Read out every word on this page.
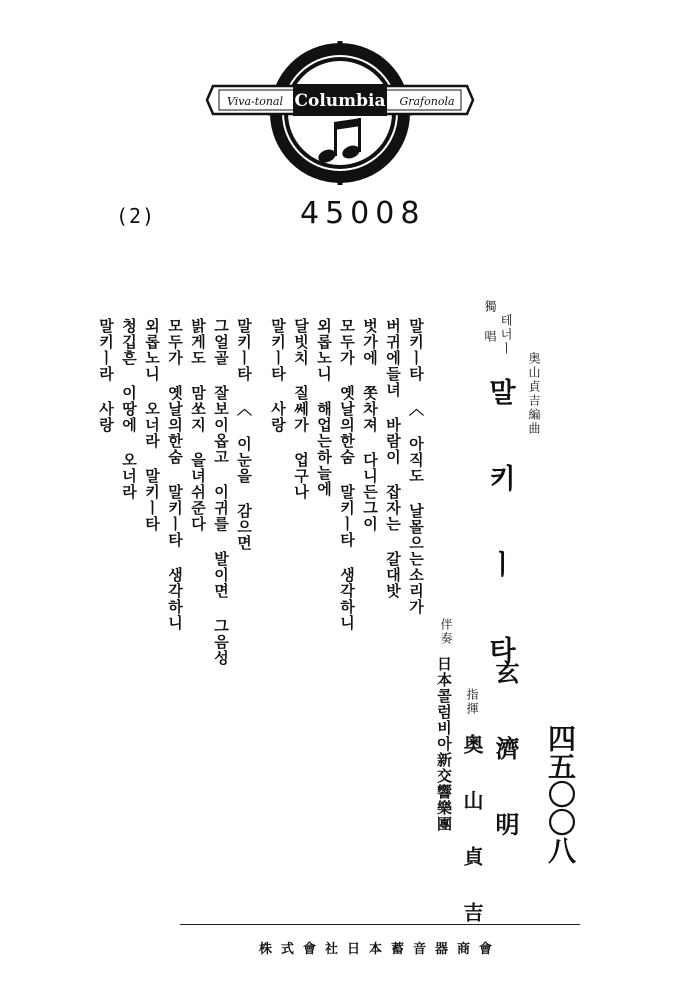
Columbia
Viva-tonal	Grafonola
(2)	45008
테너ㅣ
獨 唱
奥山貞吉編曲
말 키 ㅣ 타
玄　濟　明
伴奏
指揮
奥 山 貞 吉
日本콜럼비아新交響樂團	四五〇〇八
말키ㅣ타 〈 아직도 날몰으는소리가
버귀에들녀 바람이 잡자는 갈대밧
벗가에 쫏차져 다니든그이
모두가 옛날의한숨 말키ㅣ타 생각하니
외롭노니 해업는하늘에
달빗치 질쎄가 업구나
말키ㅣ타 사랑
말키ㅣ타 〈 이눈을 감으면
그얼골 잘보이옵고 이귀를 발이면 그음성
밝게도 맘쏘지 을녀쉬준다
모두가 옛날의한숨 말키ㅣ타 생각하니
외롭노니 오너라 말키ㅣ타
청깁흔 이땅에 오너라
말키ㅣ라 사랑
株式會社日本蓄音器商會
